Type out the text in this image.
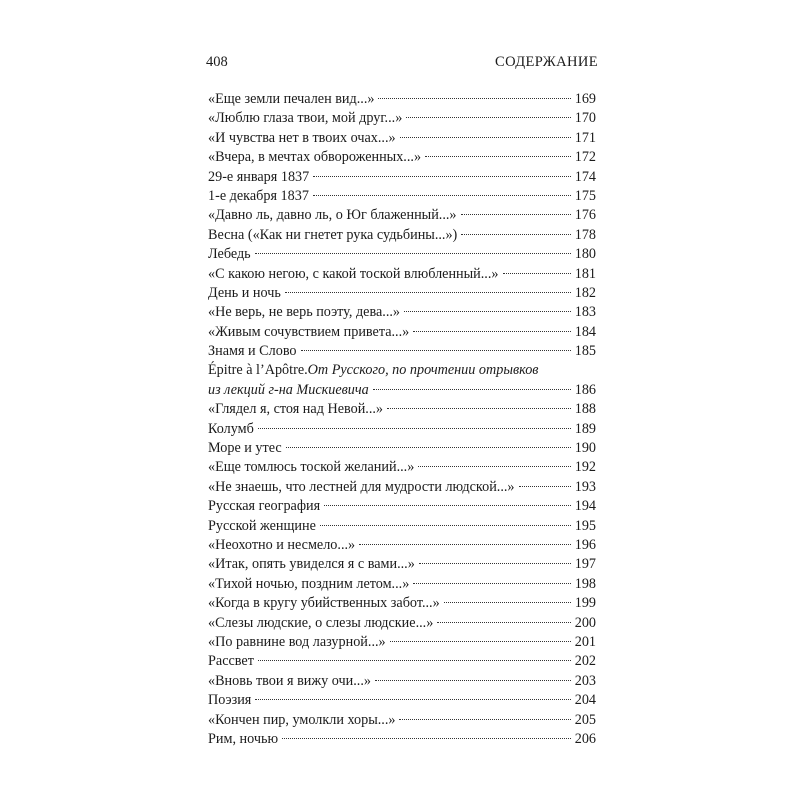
408	СОДЕРЖАНИЕ
«Еще земли печален вид...»	169
«Люблю глаза твои, мой друг...»	170
«И чувства нет в твоих очах...»	171
«Вчера, в мечтах обвороженных...»	172
29-е января 1837	174
1-е декабря 1837	175
«Давно ль, давно ль, о Юг блаженный...»	176
Весна («Как ни гнетет рука судьбины...»)	178
Лебедь	180
«С какою негою, с какой тоской влюбленный...»	181
День и ночь	182
«Не верь, не верь поэту, дева...»	183
«Живым сочувствием привета...»	184
Знамя и Слово	185
Épitre à l’Apôtre. От Русского, по прочтении отрывков
из лекций г-на Мискиевича	186
«Глядел я, стоя над Невой...»	188
Колумб	189
Море и утес	190
«Еще томлюсь тоской желаний...»	192
«Не знаешь, что лестней для мудрости людской...»	193
Русская география	194
Русской женщине	195
«Неохотно и несмело...»	196
«Итак, опять увиделся я с вами...»	197
«Тихой ночью, поздним летом...»	198
«Когда в кругу убийственных забот...»	199
«Слезы людские, о слезы людские...»	200
«По равнине вод лазурной...»	201
Рассвет	202
«Вновь твои я вижу очи...»	203
Поэзия	204
«Кончен пир, умолкли хоры...»	205
Рим, ночью	206
